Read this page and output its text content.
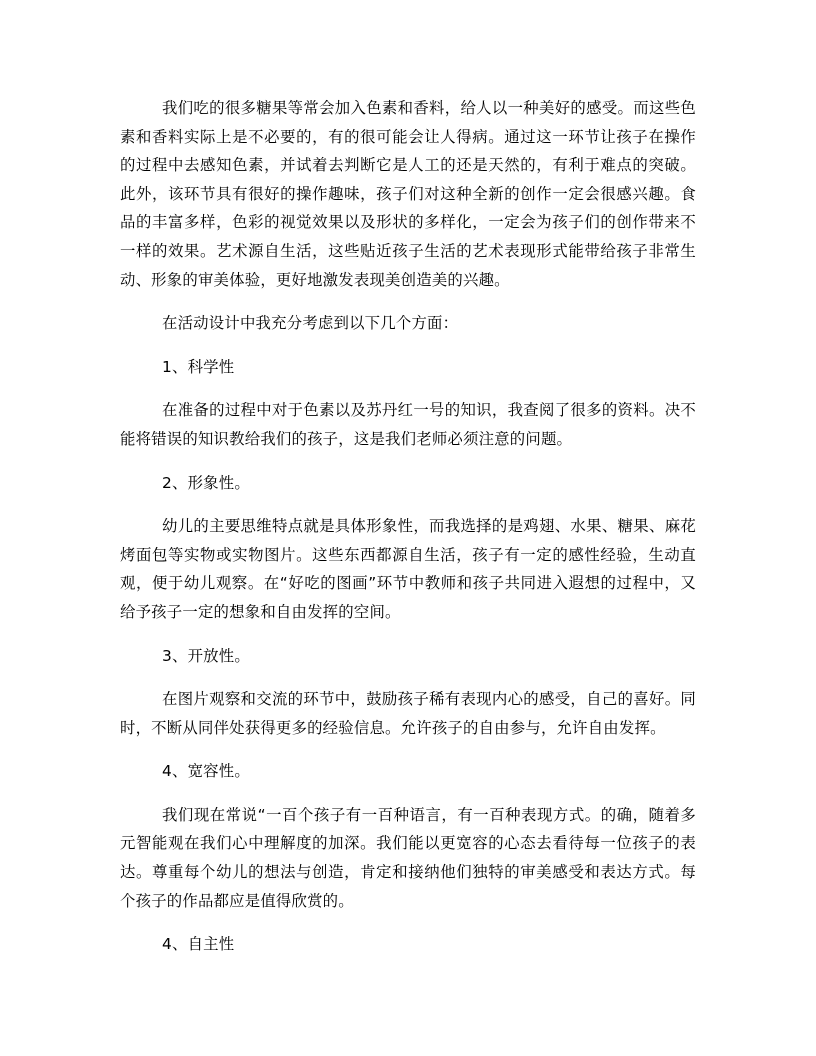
我们吃的很多糖果等常会加入色素和香料，给人以一种美好的感受。而这些色素和香料实际上是不必要的，有的很可能会让人得病。通过这一环节让孩子在操作的过程中去感知色素，并试着去判断它是人工的还是天然的，有利于难点的突破。此外，该环节具有很好的操作趣味，孩子们对这种全新的创作一定会很感兴趣。食品的丰富多样，色彩的视觉效果以及形状的多样化，一定会为孩子们的创作带来不一样的效果。艺术源自生活，这些贴近孩子生活的艺术表现形式能带给孩子非常生动、形象的审美体验，更好地激发表现美创造美的兴趣。

在活动设计中我充分考虑到以下几个方面：

1、科学性

在准备的过程中对于色素以及苏丹红一号的知识，我查阅了很多的资料。决不能将错误的知识教给我们的孩子，这是我们老师必须注意的问题。

2、形象性。

幼儿的主要思维特点就是具体形象性，而我选择的是鸡翅、水果、糖果、麻花烤面包等实物或实物图片。这些东西都源自生活，孩子有一定的感性经验，生动直观，便于幼儿观察。在“好吃的图画”环节中教师和孩子共同进入遐想的过程中，又给予孩子一定的想象和自由发挥的空间。

3、开放性。

在图片观察和交流的环节中，鼓励孩子稀有表现内心的感受，自己的喜好。同时，不断从同伴处获得更多的经验信息。允许孩子的自由参与，允许自由发挥。

4、宽容性。

我们现在常说“一百个孩子有一百种语言，有一百种表现方式。的确，随着多元智能观在我们心中理解度的加深。我们能以更宽容的心态去看待每一位孩子的表达。尊重每个幼儿的想法与创造，肯定和接纳他们独特的审美感受和表达方式。每个孩子的作品都应是值得欣赏的。

4、自主性
